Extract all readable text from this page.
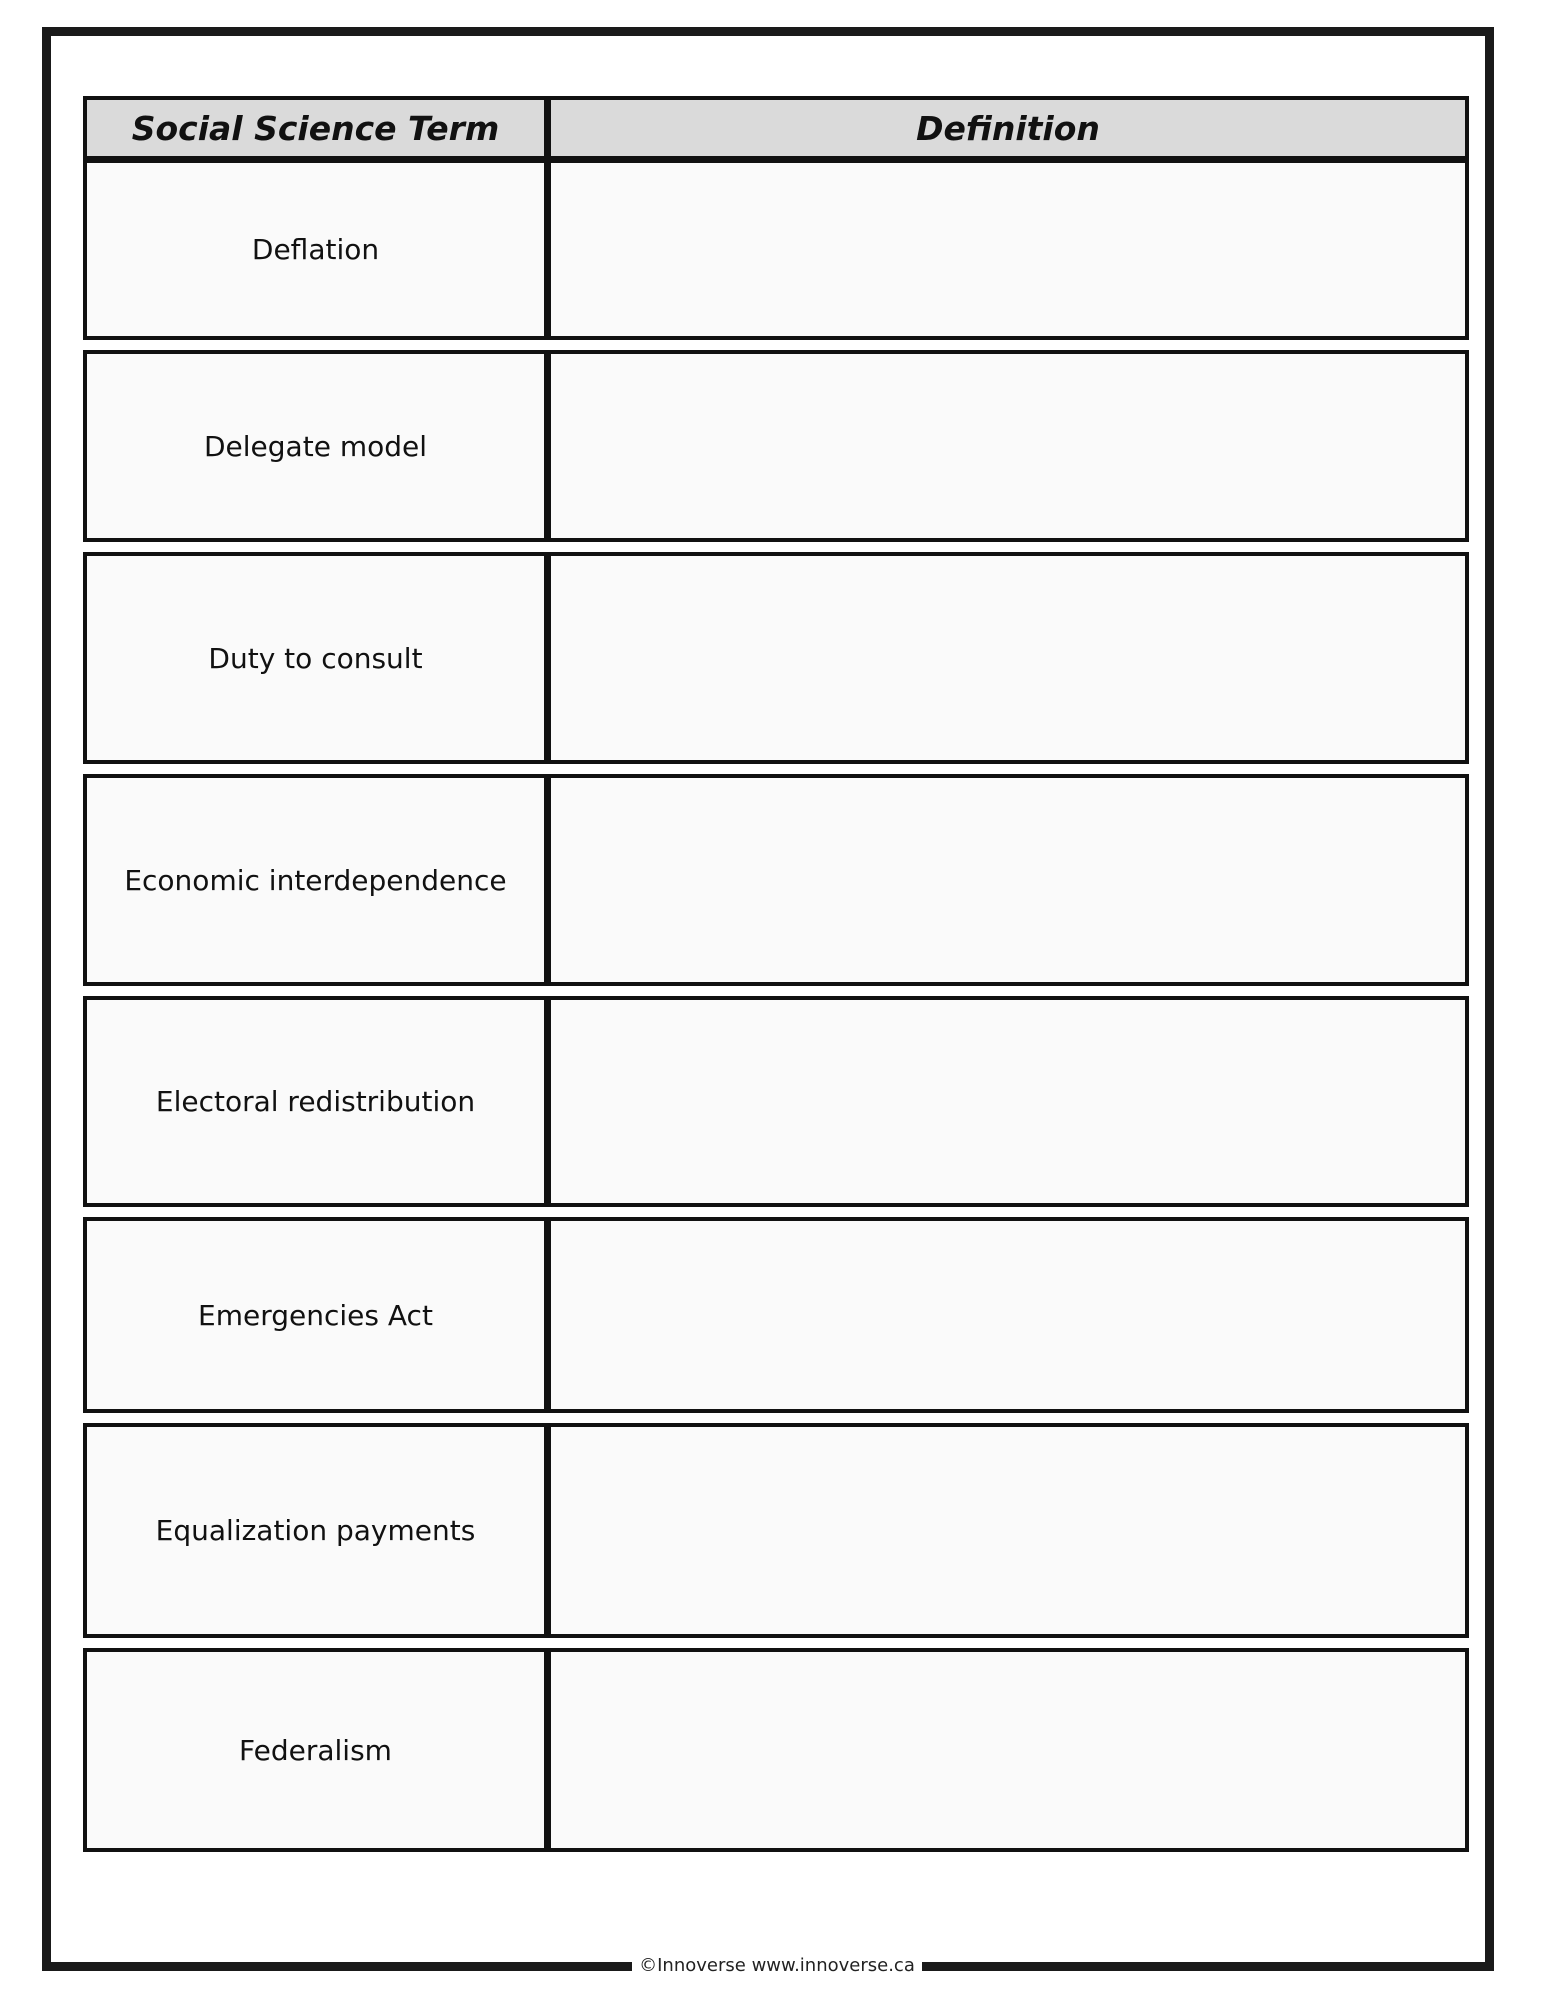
Social Science Term	Definition
Deflation
Delegate model
Duty to consult
Economic interdependence
Electoral redistribution
Emergencies Act
Equalization payments
Federalism
©Innoverse www.innoverse.ca
